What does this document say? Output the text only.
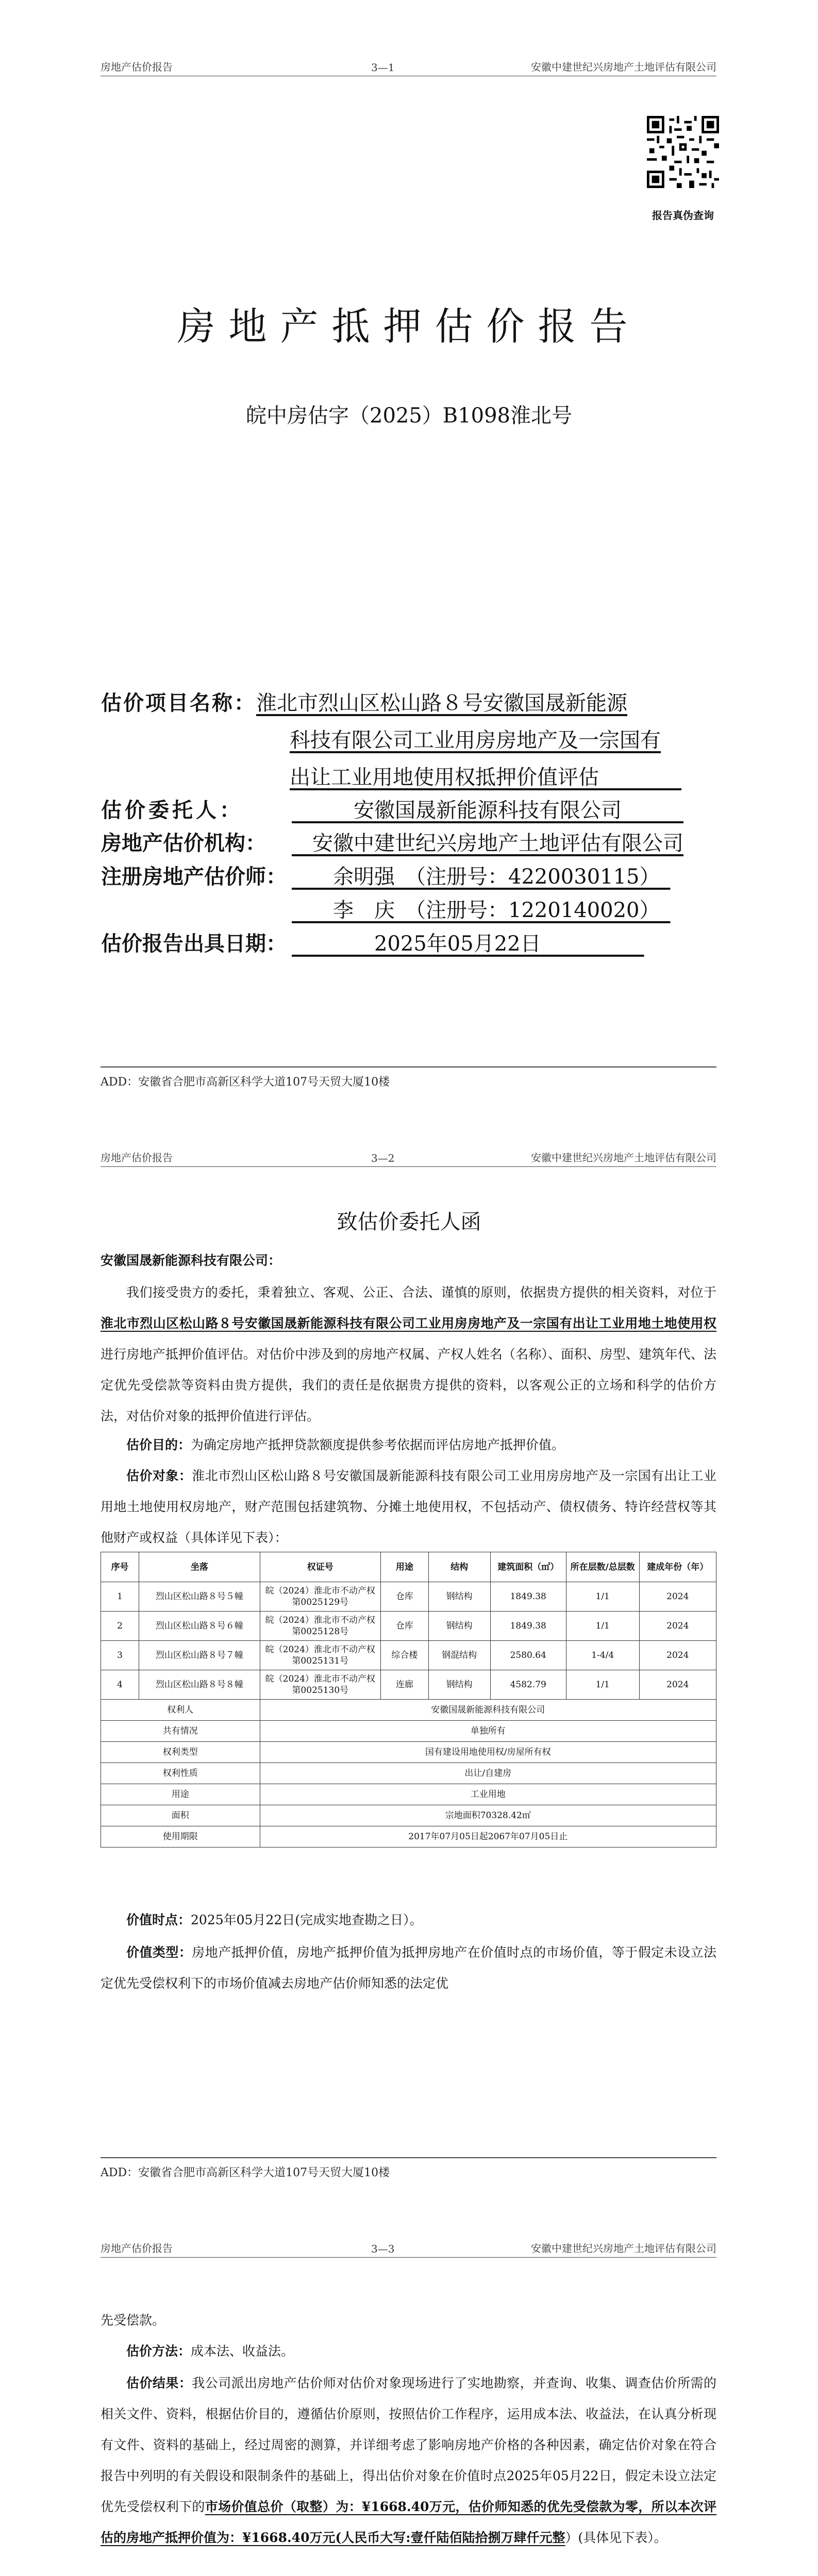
房地产估价报告	3—1	安徽中建世纪兴房地产土地评估有限公司
报告真伪查询
房地产抵押估价报告
皖中房估字（2025）B1098淮北号
估价项目名称：淮北市烈山区松山路８号安徽国晟新能源
科技有限公司工业用房房地产及一宗国有
出让工业用地使用权抵押价值评估　　　　
估价委托人：　　　	安徽国晟新能源科技有限公司　　　
房地产估价机构：　 安徽中建世纪兴房地产土地评估有限公司
注册房地产估价师：　　 余明强　（注册号：4220030115）　
　　李　庆　（注册号：1220140020）　
估价报告出具日期：　　　　	2025年05月22日　　　　　
ADD：安徽省合肥市高新区科学大道107号天贸大厦10楼
房地产估价报告	3—2	安徽中建世纪兴房地产土地评估有限公司
致估价委托人函
安徽国晟新能源科技有限公司：
我们接受贵方的委托，秉着独立、客观、公正、合法、谨慎的原则，依据贵方提供的相关资料，对位于淮北市烈山区松山路８号安徽国晟新能源科技有限公司工业用房房地产及一宗国有出让工业用地土地使用权进行房地产抵押价值评估。对估价中涉及到的房地产权属、产权人姓名（名称）、面积、房型、建筑年代、法定优先受偿款等资料由贵方提供，我们的责任是依据贵方提供的资料，以客观公正的立场和科学的估价方法，对估价对象的抵押价值进行评估。
估价目的：为确定房地产抵押贷款额度提供参考依据而评估房地产抵押价值。
估价对象：淮北市烈山区松山路８号安徽国晟新能源科技有限公司工业用房房地产及一宗国有出让工业用地土地使用权房地产，财产范围包括建筑物、分摊土地使用权，不包括动产、债权债务、特许经营权等其他财产或权益（具体详见下表）：
序号	坐落	权证号	用途	结构	建筑面积（㎡）	所在层数/总层数	建成年份（年）
1	烈山区松山路８号５幢	皖（2024）淮北市不动产权第0025129号	仓库	钢结构	1849.38	1/1	2024
2	烈山区松山路８号６幢	皖（2024）淮北市不动产权第0025128号	仓库	钢结构	1849.38	1/1	2024
3	烈山区松山路８号７幢	皖（2024）淮北市不动产权第0025131号	综合楼	钢混结构	2580.64	1-4/4	2024
4	烈山区松山路８号８幢	皖（2024）淮北市不动产权第0025130号	连廊	钢结构	4582.79	1/1	2024
权利人		安徽国晟新能源科技有限公司					
共有情况		单独所有					
权利类型		国有建设用地使用权/房屋所有权					
权利性质		出让/自建房					
用途		工业用地					
面积		宗地面积70328.42㎡					
使用期限		2017年07月05日起2067年07月05日止					
价值时点：2025年05月22日(完成实地查勘之日）。
价值类型：房地产抵押价值，房地产抵押价值为抵押房地产在价值时点的市场价值，等于假定未设立法定优先受偿权利下的市场价值减去房地产估价师知悉的法定优
ADD：安徽省合肥市高新区科学大道107号天贸大厦10楼
房地产估价报告	3—3	安徽中建世纪兴房地产土地评估有限公司
先受偿款。
估价方法：成本法、收益法。
估价结果：我公司派出房地产估价师对估价对象现场进行了实地勘察，并查询、收集、调查估价所需的相关文件、资料，根据估价目的，遵循估价原则，按照估价工作程序，运用成本法、收益法，在认真分析现有文件、资料的基础上，经过周密的测算，并详细考虑了影响房地产价格的各种因素，确定估价对象在符合报告中列明的有关假设和限制条件的基础上，得出估价对象在价值时点2025年05月22日，假定未设立法定优先受偿权利下的市场价值总价（取整）为：¥1668.40万元，估价师知悉的优先受偿款为零，所以本次评估的房地产抵押价值为：¥1668.40万元(人民币大写:壹仟陆佰陆拾捌万肆仟元整）(具体见下表）。
